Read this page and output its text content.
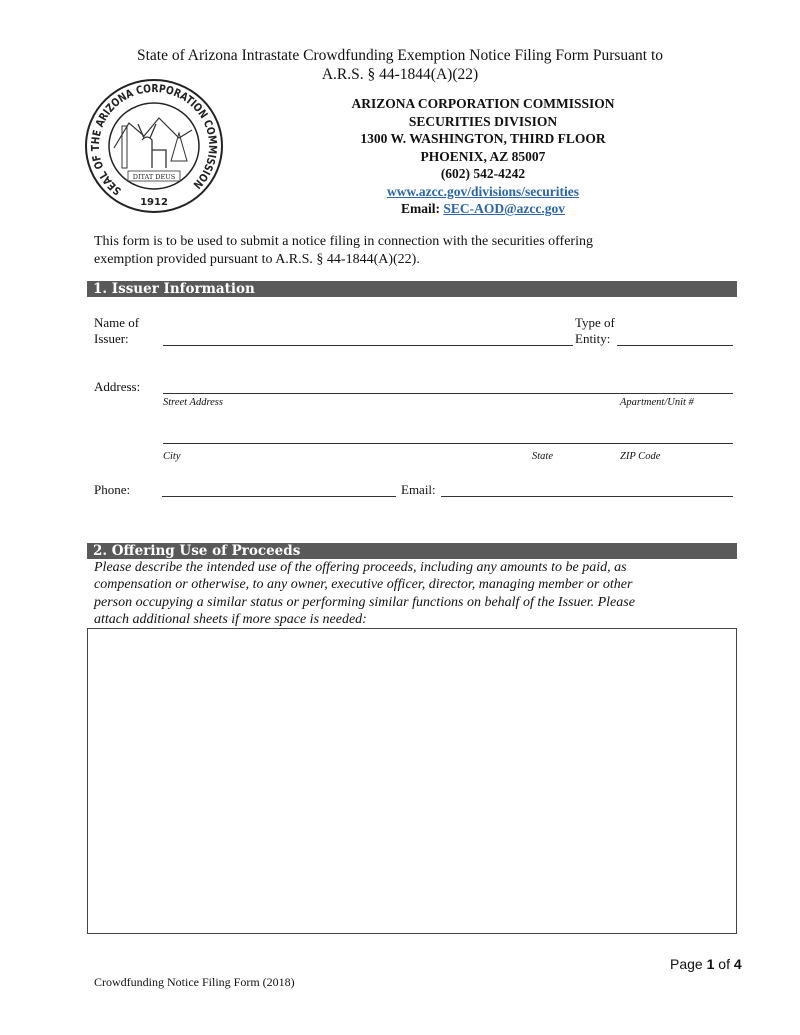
State of Arizona Intrastate Crowdfunding Exemption Notice Filing Form Pursuant to
A.R.S. § 44-1844(A)(22)
SEAL OF THE ARIZONA CORPORATION COMMISSION
DITAT DEUS
1912
ARIZONA CORPORATION COMMISSION
SECURITIES DIVISION
1300 W. WASHINGTON, THIRD FLOOR
PHOENIX, AZ 85007
(602) 542-4242
www.azcc.gov/divisions/securities
Email: SEC-AOD@azcc.gov
This form is to be used to submit a notice filing in connection with the securities offering
exemption provided pursuant to A.R.S. § 44-1844(A)(22).
1. Issuer Information
Name of
Issuer:
Type of
Entity:
Address:
Street Address	Apartment/Unit #
City	State	ZIP Code
Phone:	Email:
2. Offering Use of Proceeds
Please describe the intended use of the offering proceeds, including any amounts to be paid, as
compensation or otherwise, to any owner, executive officer, director, managing member or other
person occupying a similar status or performing similar functions on behalf of the Issuer. Please
attach additional sheets if more space is needed:
Page 1 of 4
Crowdfunding Notice Filing Form (2018)
